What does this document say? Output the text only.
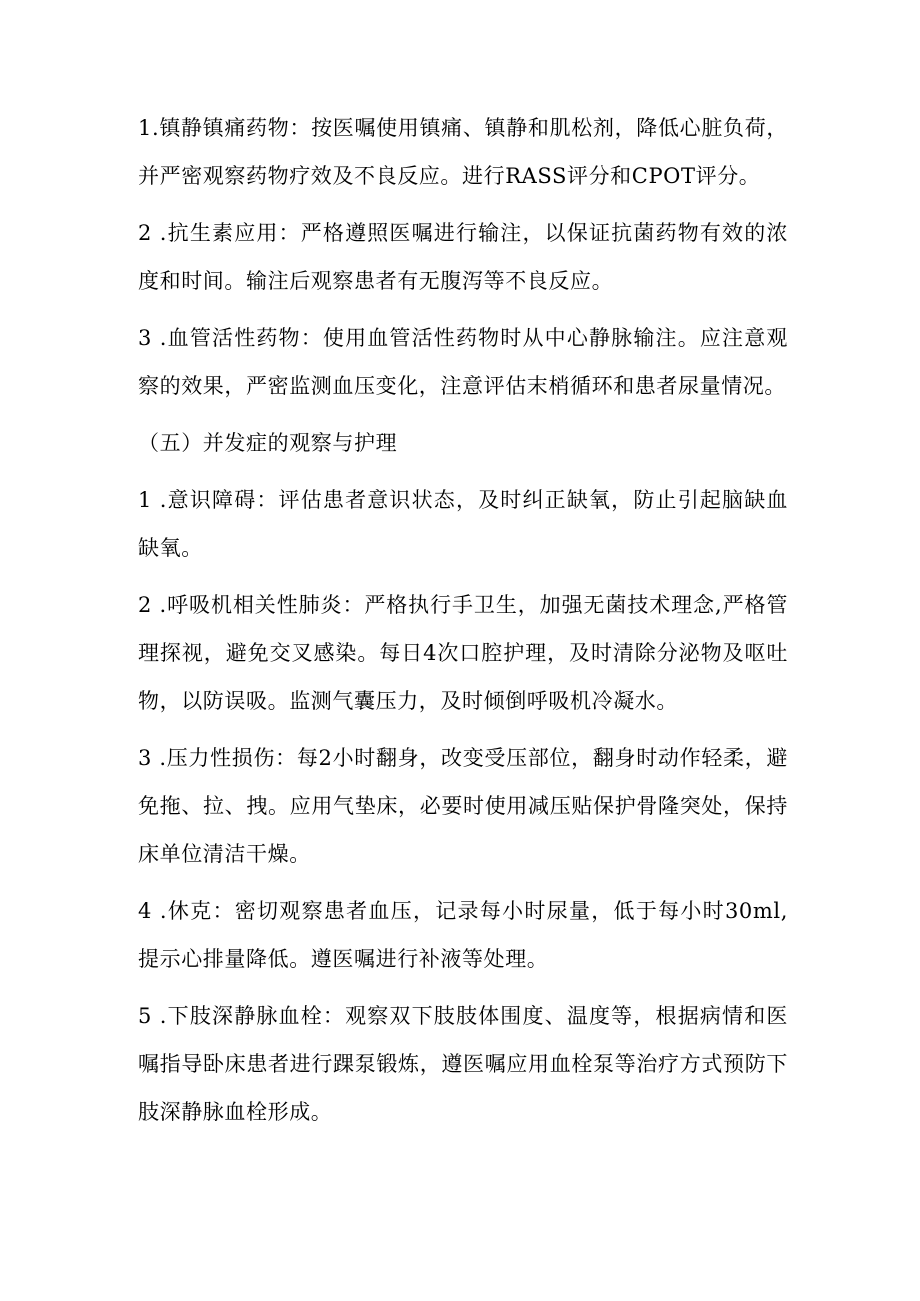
1.镇静镇痛药物：按医嘱使用镇痛、镇静和肌松剂，降低心脏负荷，并严密观察药物疗效及不良反应。进行RASS评分和CPOT评分。

2 .抗生素应用：严格遵照医嘱进行输注，以保证抗菌药物有效的浓度和时间。输注后观察患者有无腹泻等不良反应。

3 .血管活性药物：使用血管活性药物时从中心静脉输注。应注意观察的效果，严密监测血压变化，注意评估末梢循环和患者尿量情况。

（五）并发症的观察与护理

1 .意识障碍：评估患者意识状态，及时纠正缺氧，防止引起脑缺血缺氧。

2 .呼吸机相关性肺炎：严格执行手卫生，加强无菌技术理念,严格管理探视，避免交叉感染。每日4次口腔护理，及时清除分泌物及呕吐物，以防误吸。监测气囊压力，及时倾倒呼吸机冷凝水。

3 .压力性损伤：每2小时翻身，改变受压部位，翻身时动作轻柔，避免拖、拉、拽。应用气垫床，必要时使用减压贴保护骨隆突处，保持床单位清洁干燥。

4 .休克：密切观察患者血压，记录每小时尿量，低于每小时30ml,提示心排量降低。遵医嘱进行补液等处理。

5 .下肢深静脉血栓：观察双下肢肢体围度、温度等，根据病情和医嘱指导卧床患者进行踝泵锻炼，遵医嘱应用血栓泵等治疗方式预防下肢深静脉血栓形成。
